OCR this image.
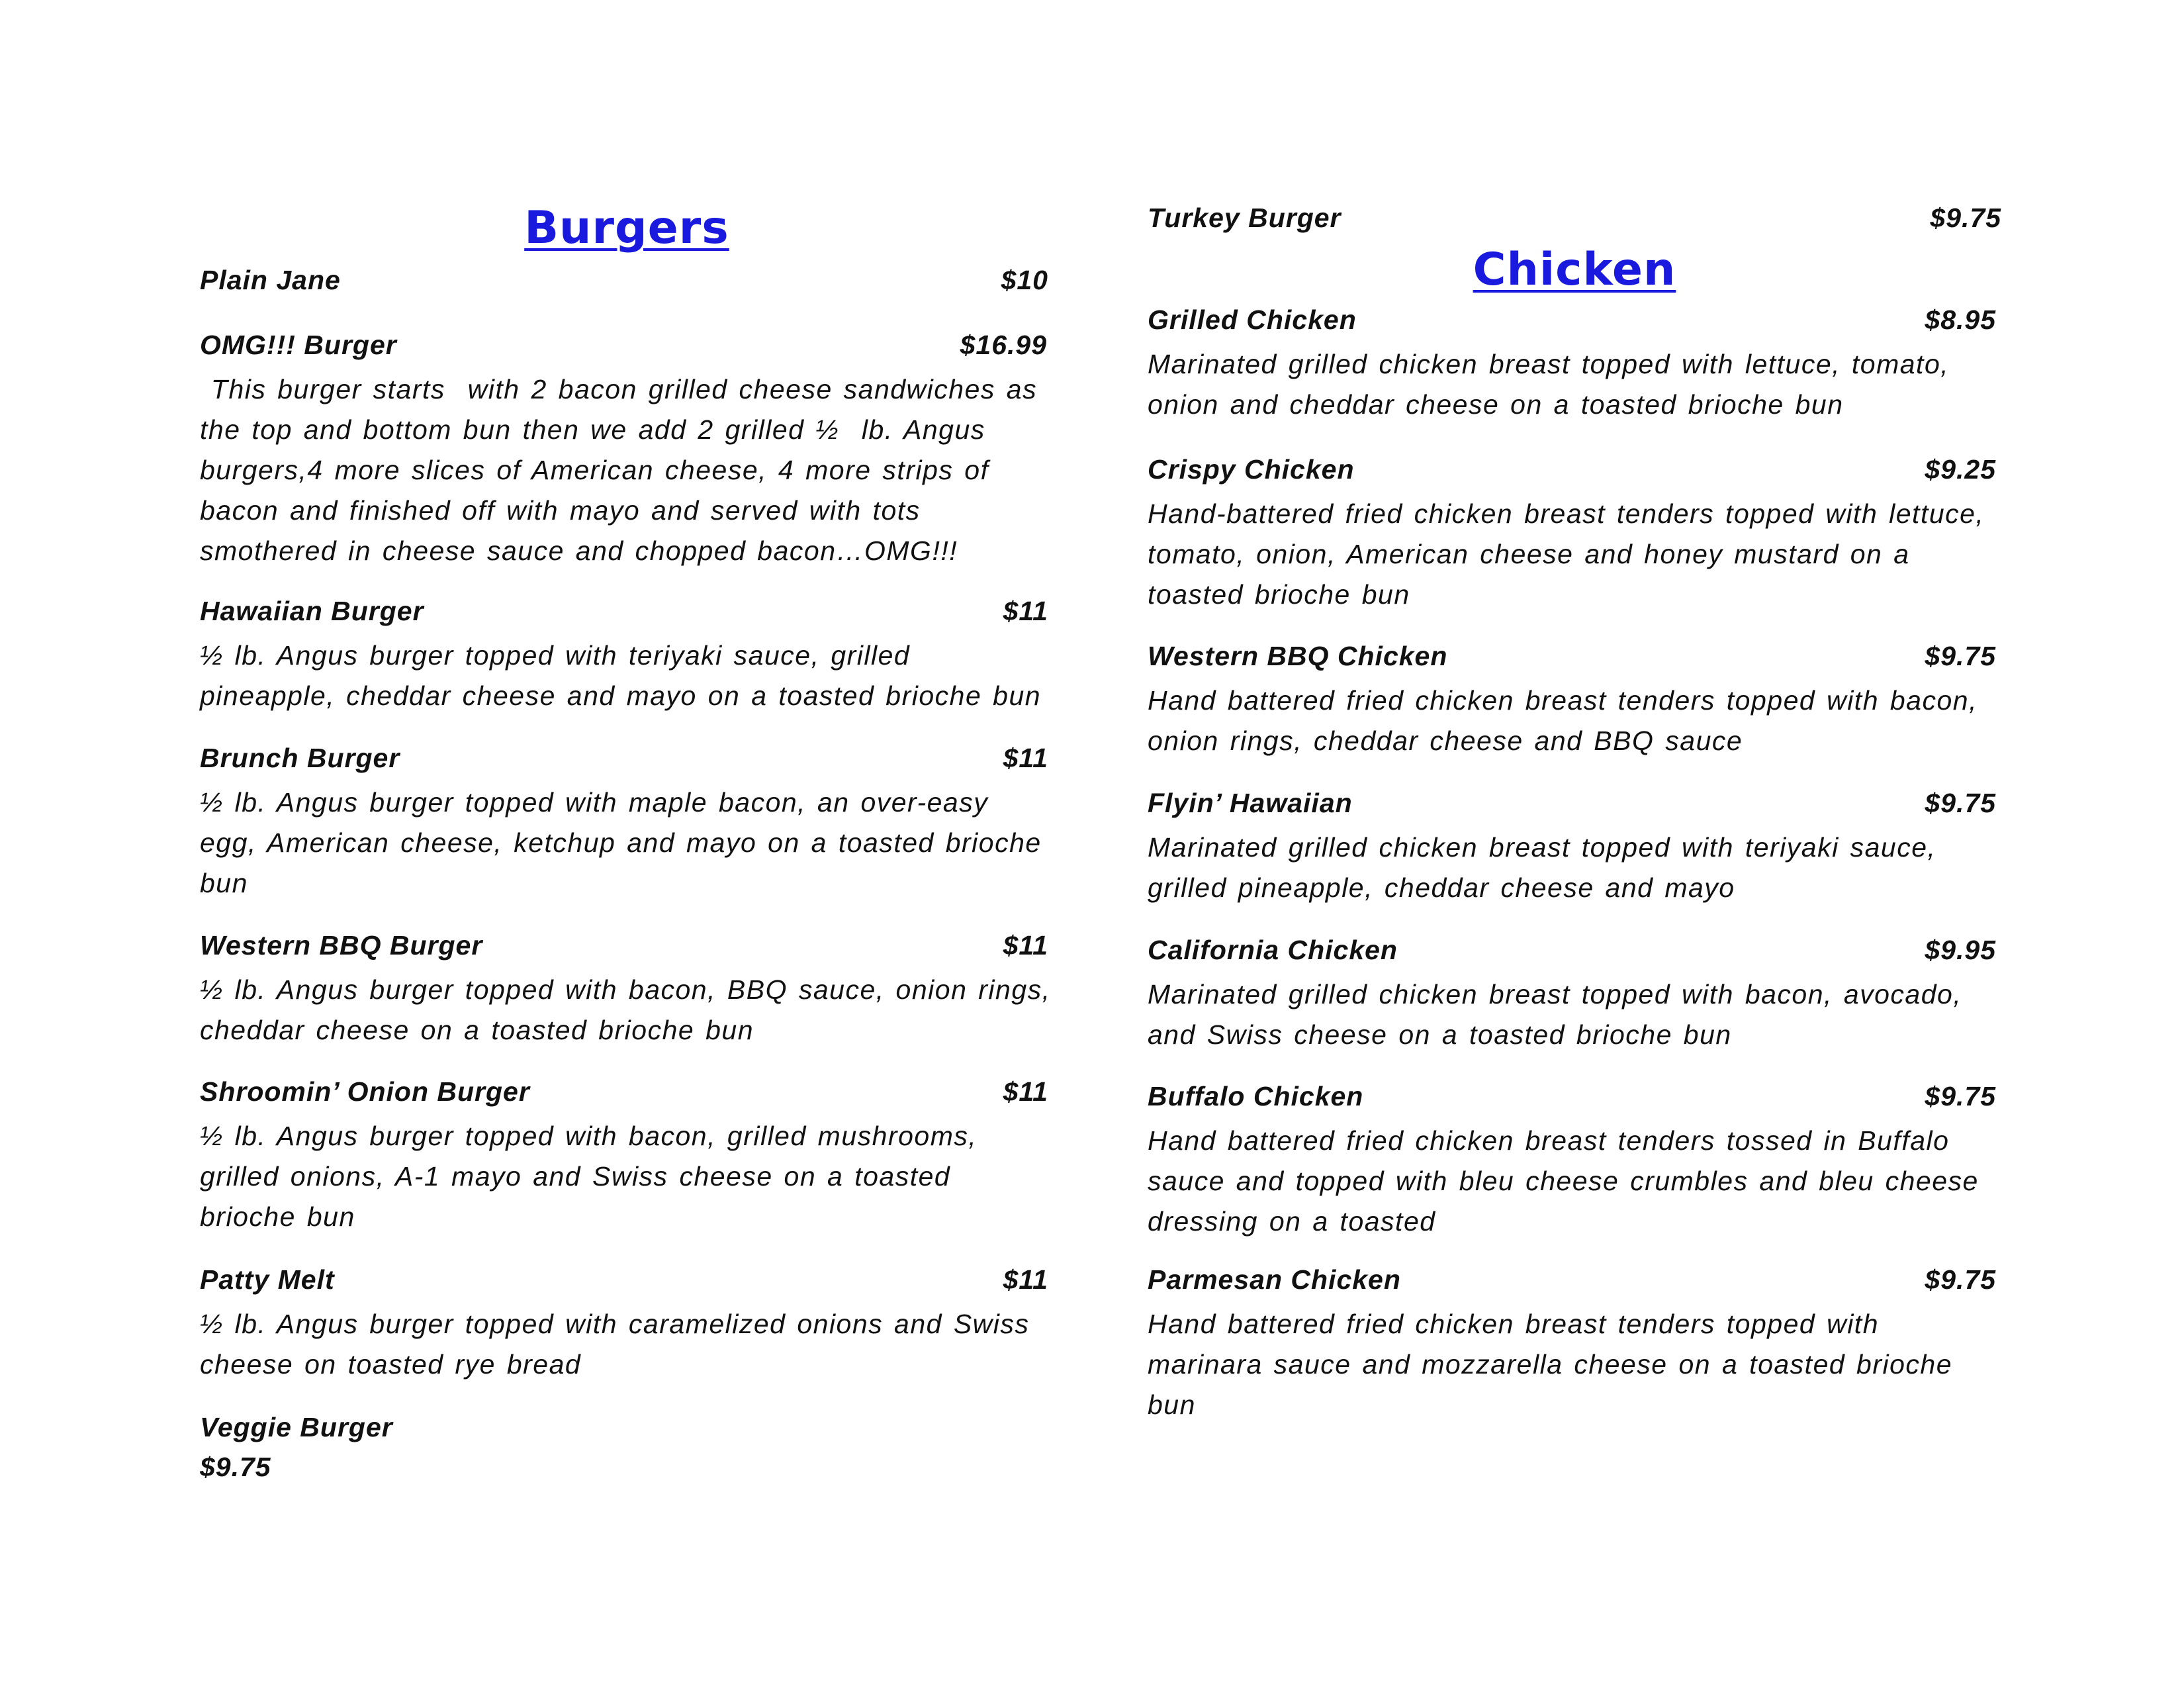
Burgers
Plain Jane	$10
OMG!!! Burger	$16.99
This burger starts  with 2 bacon grilled cheese sandwiches as the top and bottom bun then we add 2 grilled ½  lb. Angus burgers,4 more slices of American cheese, 4 more strips of bacon and finished off with mayo and served with tots smothered in cheese sauce and chopped bacon…OMG!!!
Hawaiian Burger	$11
½ lb. Angus burger topped with teriyaki sauce, grilled pineapple, cheddar cheese and mayo on a toasted brioche bun
Brunch Burger	$11
½ lb. Angus burger topped with maple bacon, an over-easy egg, American cheese, ketchup and mayo on a toasted brioche bun
Western BBQ Burger	$11
½ lb. Angus burger topped with bacon, BBQ sauce, onion rings, cheddar cheese on a toasted brioche bun
Shroomin’ Onion Burger	$11
½ lb. Angus burger topped with bacon, grilled mushrooms, grilled onions, A-1 mayo and Swiss cheese on a toasted brioche bun
Patty Melt	$11
½ lb. Angus burger topped with caramelized onions and Swiss cheese on toasted rye bread
Veggie Burger
$9.75
Turkey Burger	$9.75
Chicken
Grilled Chicken	$8.95
Marinated grilled chicken breast topped with lettuce, tomato, onion and cheddar cheese on a toasted brioche bun
Crispy Chicken	$9.25
Hand-battered fried chicken breast tenders topped with lettuce, tomato, onion, American cheese and honey mustard on a toasted brioche bun
Western BBQ Chicken	$9.75
Hand battered fried chicken breast tenders topped with bacon, onion rings, cheddar cheese and BBQ sauce
Flyin’ Hawaiian	$9.75
Marinated grilled chicken breast topped with teriyaki sauce, grilled pineapple, cheddar cheese and mayo
California Chicken	$9.95
Marinated grilled chicken breast topped with bacon, avocado, and Swiss cheese on a toasted brioche bun
Buffalo Chicken	$9.75
Hand battered fried chicken breast tenders tossed in Buffalo sauce and topped with bleu cheese crumbles and bleu cheese dressing on a toasted
Parmesan Chicken	$9.75
Hand battered fried chicken breast tenders topped with marinara sauce and mozzarella cheese on a toasted brioche bun
